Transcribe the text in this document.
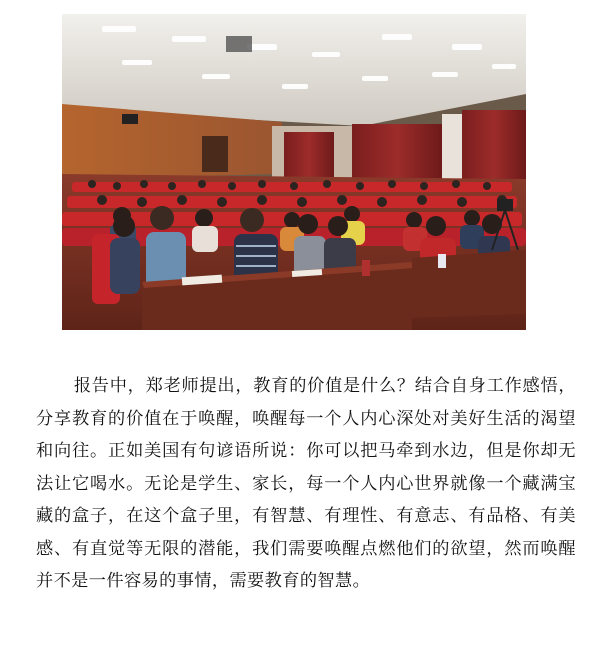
报告中，郑老师提出，教育的价值是什么？结合自身工作感悟，分享教育的价值在于唤醒，唤醒每一个人内心深处对美好生活的渴望和向往。正如美国有句谚语所说：你可以把马牵到水边，但是你却无法让它喝水。无论是学生、家长，每一个人内心世界就像一个藏满宝藏的盒子，在这个盒子里，有智慧、有理性、有意志、有品格、有美感、有直觉等无限的潜能，我们需要唤醒点燃他们的欲望，然而唤醒并不是一件容易的事情，需要教育的智慧。
